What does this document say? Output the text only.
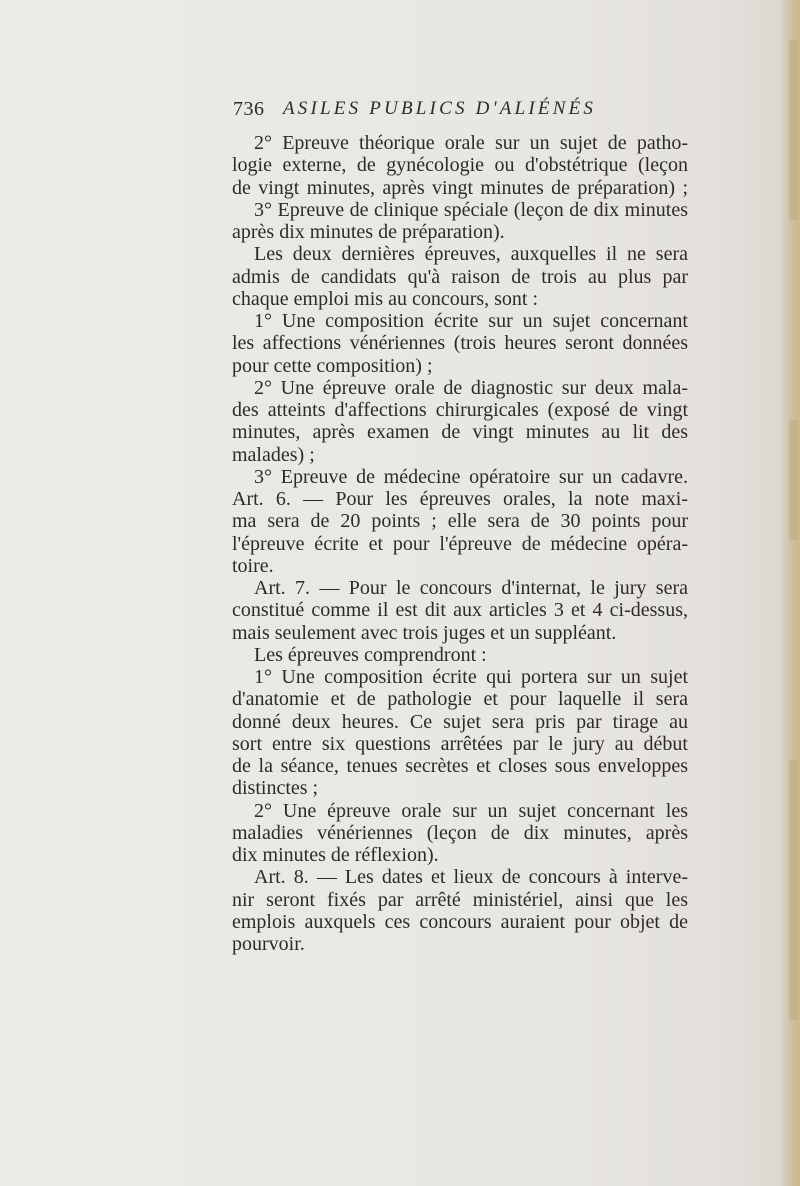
736 ASILES PUBLICS D'ALIÉNÉS
2° Epreuve théorique orale sur un sujet de patho-
logie externe, de gynécologie ou d'obstétrique (leçon
de vingt minutes, après vingt minutes de préparation) ;
3° Epreuve de clinique spéciale (leçon de dix minutes
après dix minutes de préparation).
Les deux dernières épreuves, auxquelles il ne sera
admis de candidats qu'à raison de trois au plus par
chaque emploi mis au concours, sont :
1° Une composition écrite sur un sujet concernant
les affections vénériennes (trois heures seront données
pour cette composition) ;
2° Une épreuve orale de diagnostic sur deux mala-
des atteints d'affections chirurgicales (exposé de vingt
minutes, après examen de vingt minutes au lit des
malades) ;
3° Epreuve de médecine opératoire sur un cadavre.
Art. 6. — Pour les épreuves orales, la note maxi-
ma sera de 20 points ; elle sera de 30 points pour
l'épreuve écrite et pour l'épreuve de médecine opéra-
toire.
Art. 7. — Pour le concours d'internat, le jury sera
constitué comme il est dit aux articles 3 et 4 ci-dessus,
mais seulement avec trois juges et un suppléant.
Les épreuves comprendront :
1° Une composition écrite qui portera sur un sujet
d'anatomie et de pathologie et pour laquelle il sera
donné deux heures. Ce sujet sera pris par tirage au
sort entre six questions arrêtées par le jury au début
de la séance, tenues secrètes et closes sous enveloppes
distinctes ;
2° Une épreuve orale sur un sujet concernant les
maladies vénériennes (leçon de dix minutes, après
dix minutes de réflexion).
Art. 8. — Les dates et lieux de concours à interve-
nir seront fixés par arrêté ministériel, ainsi que les
emplois auxquels ces concours auraient pour objet de
pourvoir.
